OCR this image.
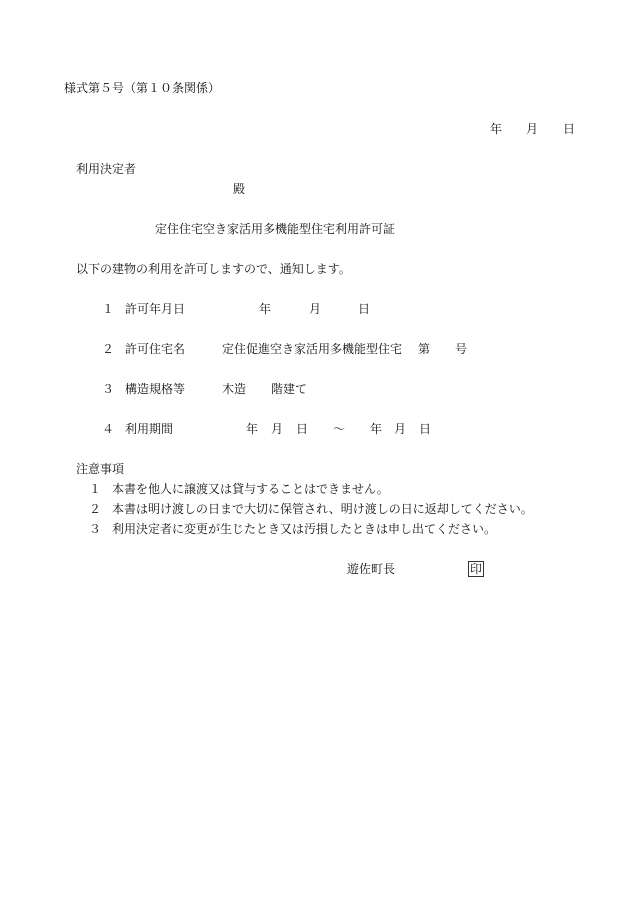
様式第５号（第１０条関係）
年 月 日
利用決定者
殿
定住住宅空き家活用多機能型住宅利用許可証
以下の建物の利用を許可しますので、通知します。
１ 許可年月日	年	月	日
２ 許可住宅名	定住促進空き家活用多機能型住宅 第 号
３ 構造規格等	木造 階建て
４ 利用期間	年 月 日 ～ 年 月 日
注意事項
１ 本書を他人に譲渡又は貸与することはできません。
２ 本書は明け渡しの日まで大切に保管され、明け渡しの日に返却してください。
３ 利用決定者に変更が生じたとき又は汚損したときは申し出てください。
遊佐町長	印
